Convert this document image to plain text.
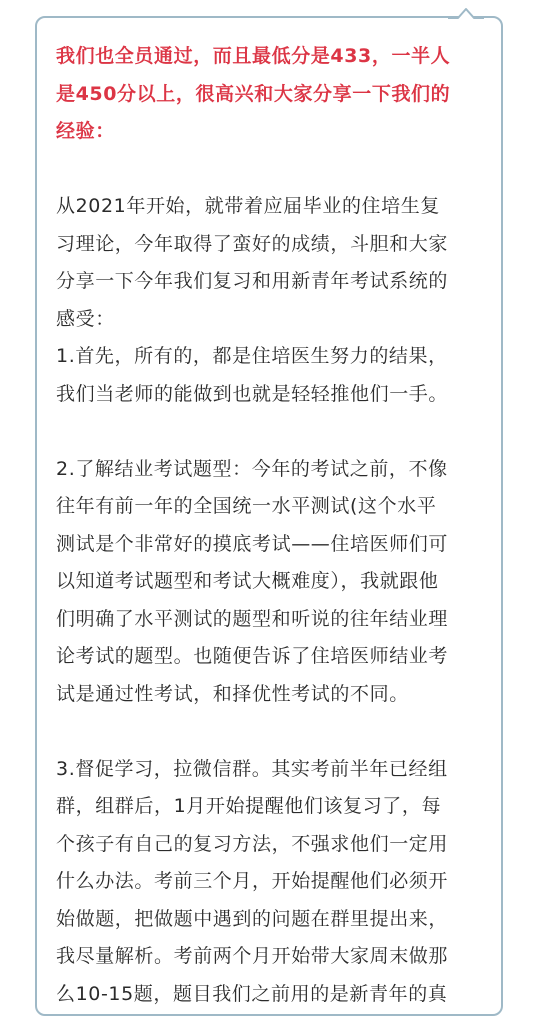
我们也全员通过，而且最低分是433，一半人
是450分以上，很高兴和大家分享一下我们的
经验：

从2021年开始，就带着应届毕业的住培生复
习理论，今年取得了蛮好的成绩，斗胆和大家
分享一下今年我们复习和用新青年考试系统的
感受：

1.首先，所有的，都是住培医生努力的结果，
我们当老师的能做到也就是轻轻推他们一手。

2.了解结业考试题型：今年的考试之前，不像
往年有前一年的全国统一水平测试(这个水平
测试是个非常好的摸底考试——住培医师们可
以知道考试题型和考试大概难度），我就跟他
们明确了水平测试的题型和听说的往年结业理
论考试的题型。也随便告诉了住培医师结业考
试是通过性考试，和择优性考试的不同。

3.督促学习，拉微信群。其实考前半年已经组
群，组群后，1月开始提醒他们该复习了，每
个孩子有自己的复习方法，不强求他们一定用
什么办法。考前三个月，开始提醒他们必须开
始做题，把做题中遇到的问题在群里提出来，
我尽量解析。考前两个月开始带大家周末做那
么10-15题，题目我们之前用的是新青年的真
